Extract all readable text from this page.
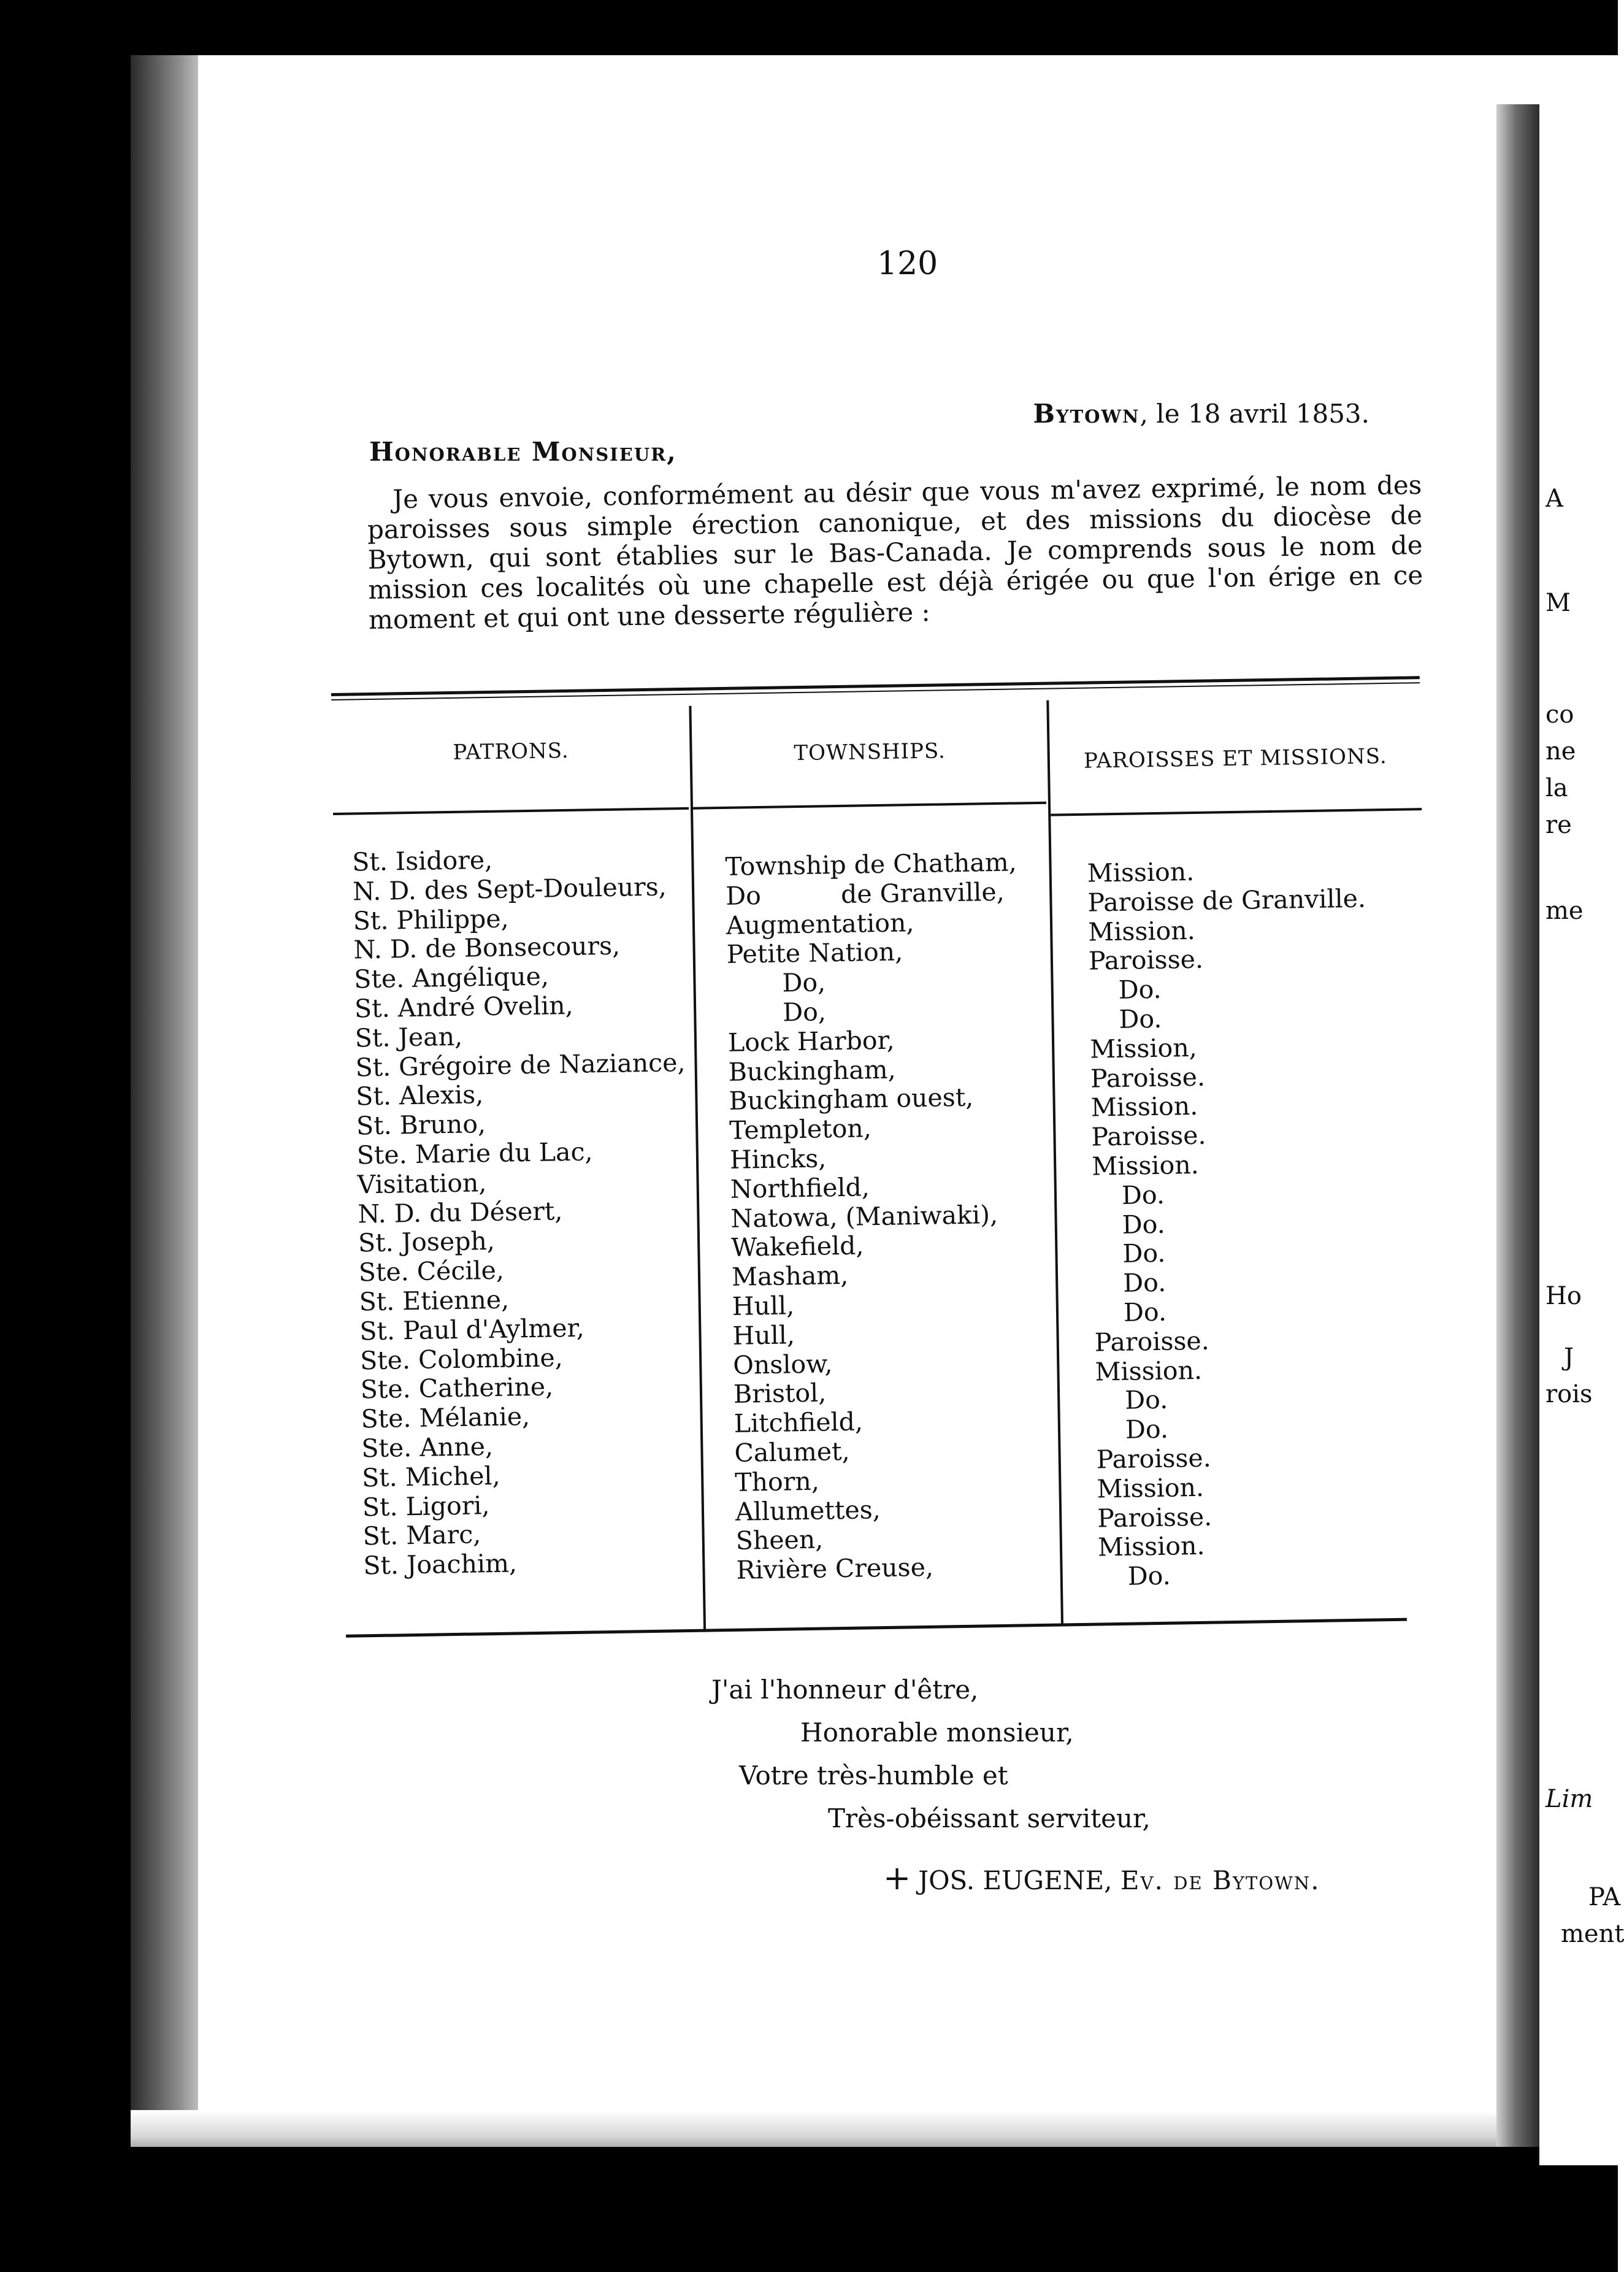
A
M
co
ne
la
re
me
Ho
J
rois
Lim
PA
ment
120
Bytown, le 18 avril 1853.
Honorable Monsieur,

Je vous envoie, conformément au désir que vous m'avez exprimé, le nom des paroisses sous simple érection canonique, et des missions du diocèse de Bytown, qui sont établies sur le Bas-Canada. Je comprends sous le nom de mission ces localités où une chapelle est déjà érigée ou que l'on érige en ce moment et qui ont une desserte régulière :

PATRONS.	TOWNSHIPS.	PAROISSES ET MISSIONS.
St. Isidore,
N. D. des Sept-Douleurs,
St. Philippe,
N. D. de Bonsecours,
Ste. Angélique,
St. André Ovelin,
St. Jean,
St. Grégoire de Naziance,
St. Alexis,
St. Bruno,
Ste. Marie du Lac,
Visitation,
N. D. du Désert,
St. Joseph,
Ste. Cécile,
St. Etienne,
St. Paul d'Aylmer,
Ste. Colombine,
Ste. Catherine,
Ste. Mélanie,
Ste. Anne,
St. Michel,
St. Ligori,
St. Marc,
St. Joachim,
Township de Chatham,
Do          de Granville,
Augmentation,
Petite Nation,
Do,
Do,
Lock Harbor,
Buckingham,
Buckingham ouest,
Templeton,
Hincks,
Northfield,
Natowa, (Maniwaki),
Wakefield,
Masham,
Hull,
Hull,
Onslow,
Bristol,
Litchfield,
Calumet,
Thorn,
Allumettes,
Sheen,
Rivière Creuse,
Mission.
Paroisse de Granville.
Mission.
Paroisse.
Do.
Do.
Mission,
Paroisse.
Mission.
Paroisse.
Mission.
Do.
Do.
Do.
Do.
Do.
Paroisse.
Mission.
Do.
Do.
Paroisse.
Mission.
Paroisse.
Mission.
Do.
J'ai l'honneur d'être,
Honorable monsieur,
Votre très-humble et
Très-obéissant serviteur,
+ JOS. EUGENE, Ev. de Bytown.
